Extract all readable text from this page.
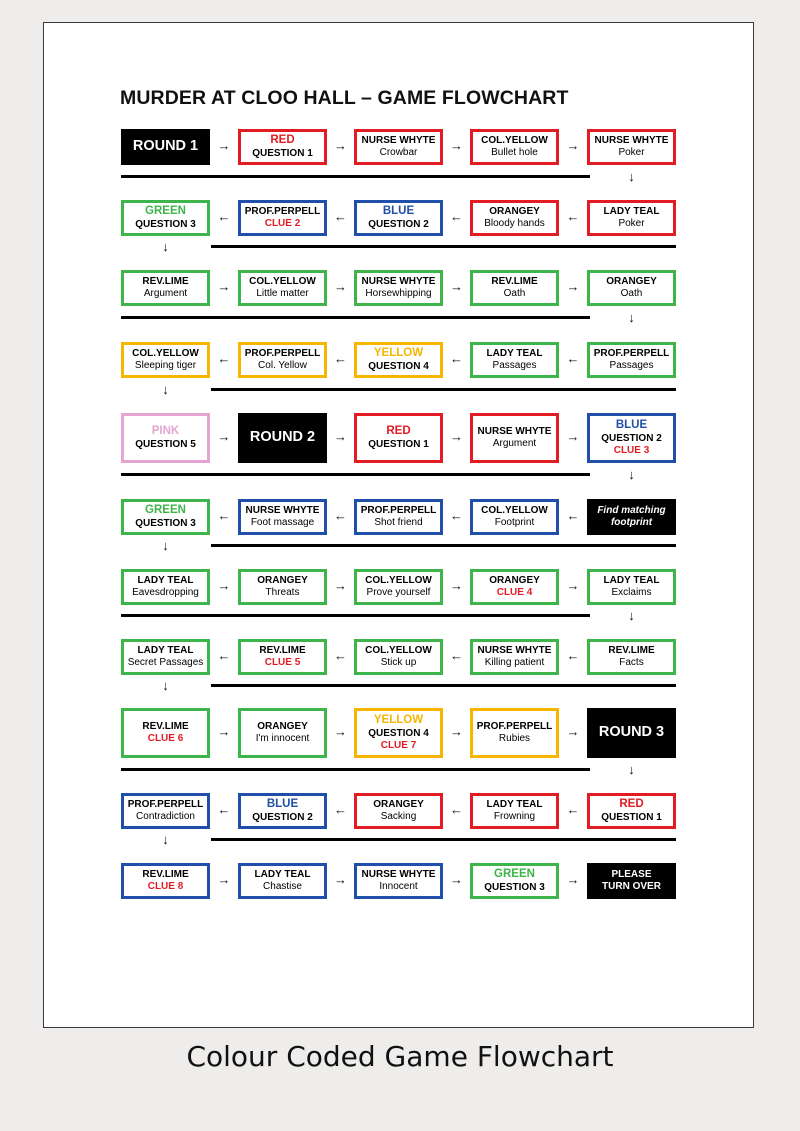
MURDER AT CLOO HALL – GAME FLOWCHART
ROUND 1	→	RED
QUESTION 1
→	NURSE WHYTE
Crowbar	→	COL.YELLOW
Bullet hole	→	NURSE WHYTE
Poker
↓
GREEN
QUESTION 3
←	PROF.PERPELL
CLUE 2	←	BLUE
QUESTION 2
←	ORANGEY
Bloody hands	←	LADY TEAL
Poker
↓
REV.LIME
Argument	→	COL.YELLOW
Little matter	→	NURSE WHYTE
Horsewhipping	→	REV.LIME
Oath	→	ORANGEY
Oath
↓
COL.YELLOW
Sleeping tiger	←	PROF.PERPELL
Col. Yellow	←	YELLOW
QUESTION 4
←	LADY TEAL
Passages	←	PROF.PERPELL
Passages
↓
PINK
QUESTION 5
→	ROUND 2	→	RED
QUESTION 1
→	NURSE WHYTE
Argument	→
BLUE
QUESTION 2
CLUE 3
↓
GREEN
QUESTION 3
←	NURSE WHYTE
Foot massage	←	PROF.PERPELL
Shot friend	←	COL.YELLOW
Footprint	←	Find matching
footprint
↓
LADY TEAL
Eavesdropping	→	ORANGEY
Threats	→	COL.YELLOW
Prove yourself	→	ORANGEY
CLUE 4	→	LADY TEAL
Exclaims
↓
LADY TEAL
Secret Passages	←	REV.LIME
CLUE 5	←	COL.YELLOW
Stick up	←	NURSE WHYTE
Killing patient	←	REV.LIME
Facts
↓
REV.LIME
CLUE 6	→	ORANGEY
I'm innocent	→
YELLOW
QUESTION 4
CLUE 7
→	PROF.PERPELL
Rubies	→	ROUND 3
↓
PROF.PERPELL
Contradiction	←	BLUE
QUESTION 2
←	ORANGEY
Sacking	←	LADY TEAL
Frowning	←	RED
QUESTION 1
↓
REV.LIME
CLUE 8	→	LADY TEAL
Chastise	→	NURSE WHYTE
Innocent	→	GREEN
QUESTION 3
→	PLEASE
TURN OVER
Colour Coded Game Flowchart
